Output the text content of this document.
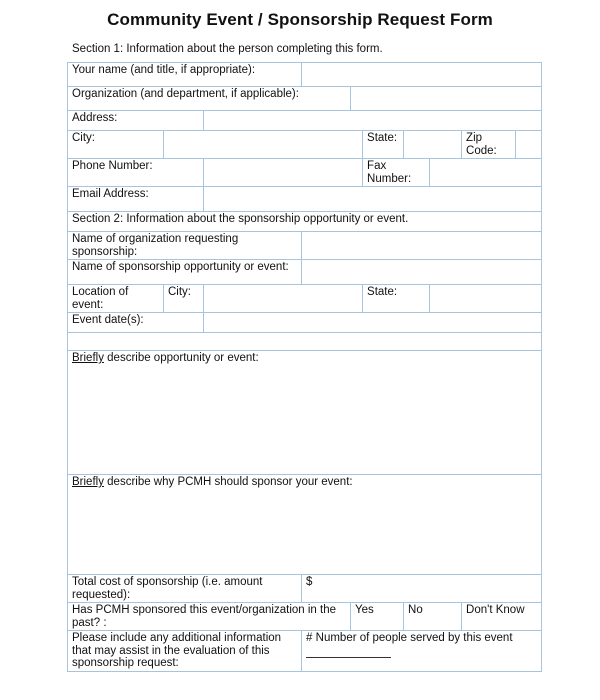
Community Event / Sponsorship Request Form
Section 1: Information about the person completing this form.
Your name (and title, if appropriate):									
Organization (and department, if applicable):									
Address:									
City:					State:			Zip Code:	
Phone Number:					Fax Number:				
Email Address:									
Section 2: Information about the sponsorship opportunity or event.									
Name of organization requesting sponsorship:									
Name of sponsorship opportunity or event:									
Location of event:	City:				State:				
Event date(s):									

Briefly describe opportunity or event:									
Briefly describe why PCMH should sponsor your event:									
Total cost of sponsorship (i.e. amount requested):			$						
Has PCMH sponsored this event/organization in the past? :				Yes		No		Don't Know	
Please include any additional information that may assist in the evaluation of this sponsorship request:			# Number of people served by this event						
